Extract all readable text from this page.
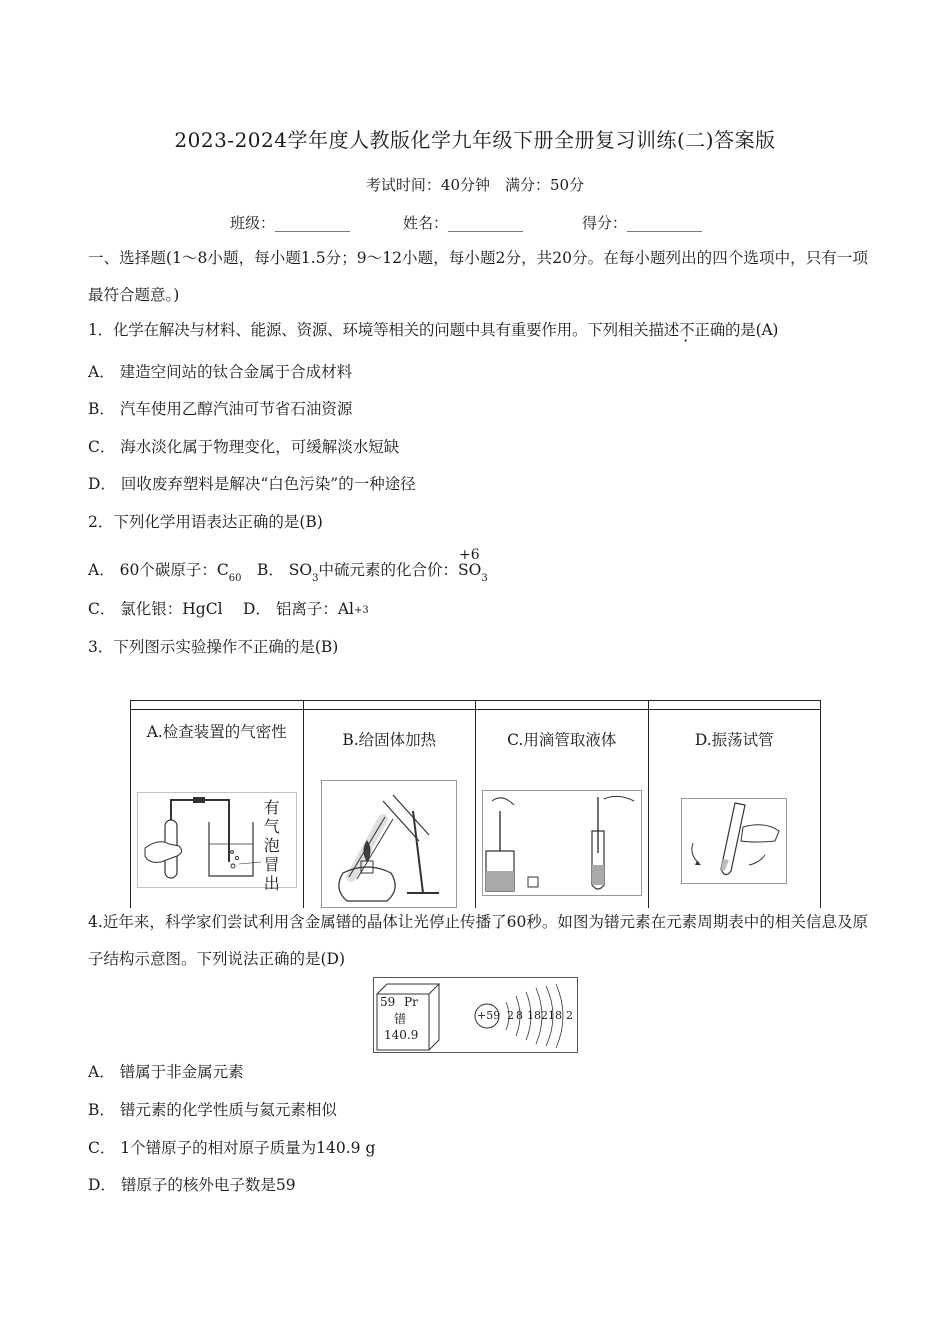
2023-2024学年度人教版化学九年级下册全册复习训练(二)答案版
考试时间：40分钟　满分：50分
班级：__________	姓名：__________	得分：__________
一、选择题(1～8小题，每小题1.5分；9～12小题，每小题2分，共20分。在每小题列出的四个选项中，只有一项最符合题意。)
1．化学在解决与材料、能源、资源、环境等相关的问题中具有重要作用。下列相关描述不正确的是(A)
A． 建造空间站的钛合金属于合成材料
B． 汽车使用乙醇汽油可节省石油资源
C． 海水淡化属于物理变化，可缓解淡水短缺
D． 回收废弃塑料是解决“白色污染”的一种途径
2．下列化学用语表达正确的是(B)
A． 60个碳原子：$C_{60}$　B． $SO_3$中硫元素的化合价：
+6
$SO_3$
C． 氯化银：HgCl　 D． 铝离子：Al+3
3．下列图示实验操作不正确的是(B)

A.检查装置的气密性	B.给固体加热	C.用滴管取液体	D.振荡试管

有气泡冒出

4.近年来，科学家们尝试利用含金属镨的晶体让光停止传播了60秒。如图为镨元素在元素周期表中的相关信息及原子结构示意图。下列说法正确的是(D)
59 Pr
镨
140.9
+59 2 8 18 21 8 2
A． 镨属于非金属元素
B． 镨元素的化学性质与氦元素相似
C． 1个镨原子的相对原子质量为140.9 g
D． 镨原子的核外电子数是59
